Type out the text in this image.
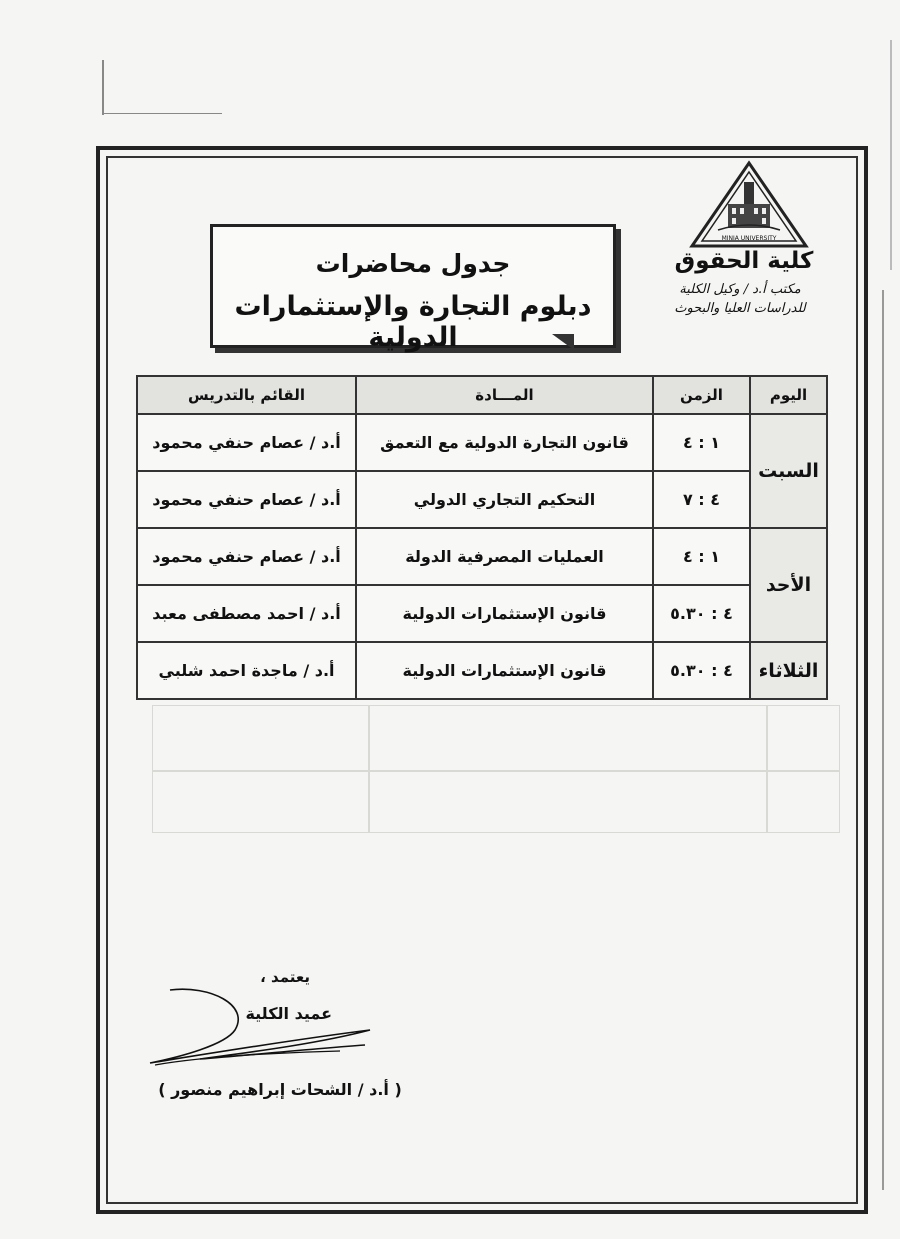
MINIA UNIVERSITY
كلية الحقوق
مكتب أ.د / وكيل الكلية
للدراسات العليا والبحوث
جدول محاضرات
دبلوم التجارة والإستثمارات الدولية
اليوم	الزمن	المـــادة	القائم بالتدريس
السبت	١ : ٤	قانون التجارة الدولية مع التعمق	أ.د / عصام حنفي محمود
	٤ : ٧	التحكيم التجاري الدولي	أ.د / عصام حنفي محمود
الأحد	١ : ٤	العمليات المصرفية الدولة	أ.د / عصام حنفي محمود
	٤ : ٥.٣٠	قانون الإستثمارات الدولية	أ.د / احمد مصطفى معبد
الثلاثاء	٤ : ٥.٣٠	قانون الإستثمارات الدولية	أ.د / ماجدة احمد شلبي
يعتمد ،
عميد الكلية
( أ.د / الشحات إبراهيم منصور )
